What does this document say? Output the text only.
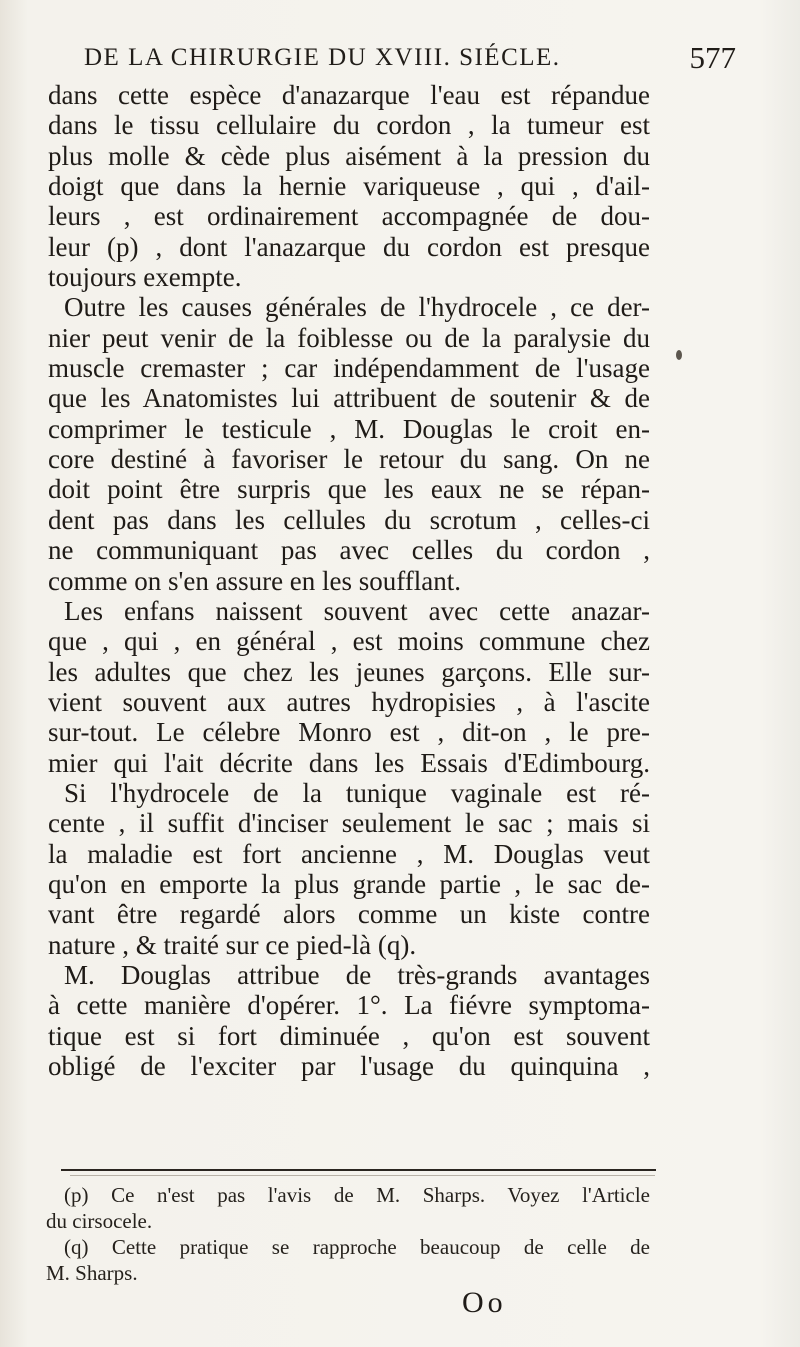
DE LA CHIRURGIE DU XVIII. SIÉCLE.	577
dans cette espèce d'anazarque l'eau est répandue
dans le tissu cellulaire du cordon , la tumeur est
plus molle & cède plus aisément à la pression du
doigt que dans la hernie variqueuse , qui , d'ail-
leurs , est ordinairement accompagnée de dou-
leur (p) , dont l'anazarque du cordon est presque
toujours exempte.
Outre les causes générales de l'hydrocele , ce der-
nier peut venir de la foiblesse ou de la paralysie du
muscle cremaster ; car indépendamment de l'usage
que les Anatomistes lui attribuent de soutenir & de
comprimer le testicule , M. Douglas le croit en-
core destiné à favoriser le retour du sang. On ne
doit point être surpris que les eaux ne se répan-
dent pas dans les cellules du scrotum , celles-ci
ne communiquant pas avec celles du cordon ,
comme on s'en assure en les soufflant.
Les enfans naissent souvent avec cette anazar-
que , qui , en général , est moins commune chez
les adultes que chez les jeunes garçons. Elle sur-
vient souvent aux autres hydropisies , à l'ascite
sur-tout. Le célebre Monro est , dit-on , le pre-
mier qui l'ait décrite dans les Essais d'Edimbourg.
Si l'hydrocele de la tunique vaginale est ré-
cente , il suffit d'inciser seulement le sac ; mais si
la maladie est fort ancienne , M. Douglas veut
qu'on en emporte la plus grande partie , le sac de-
vant être regardé alors comme un kiste contre
nature , & traité sur ce pied-là (q).
M. Douglas attribue de très-grands avantages
à cette manière d'opérer. 1°. La fiévre symptoma-
tique est si fort diminuée , qu'on est souvent
obligé de l'exciter par l'usage du quinquina ,
(p) Ce n'est pas l'avis de M. Sharps. Voyez l'Article
du cirsocele.
(q) Cette pratique se rapproche beaucoup de celle de
M. Sharps.
Oo
